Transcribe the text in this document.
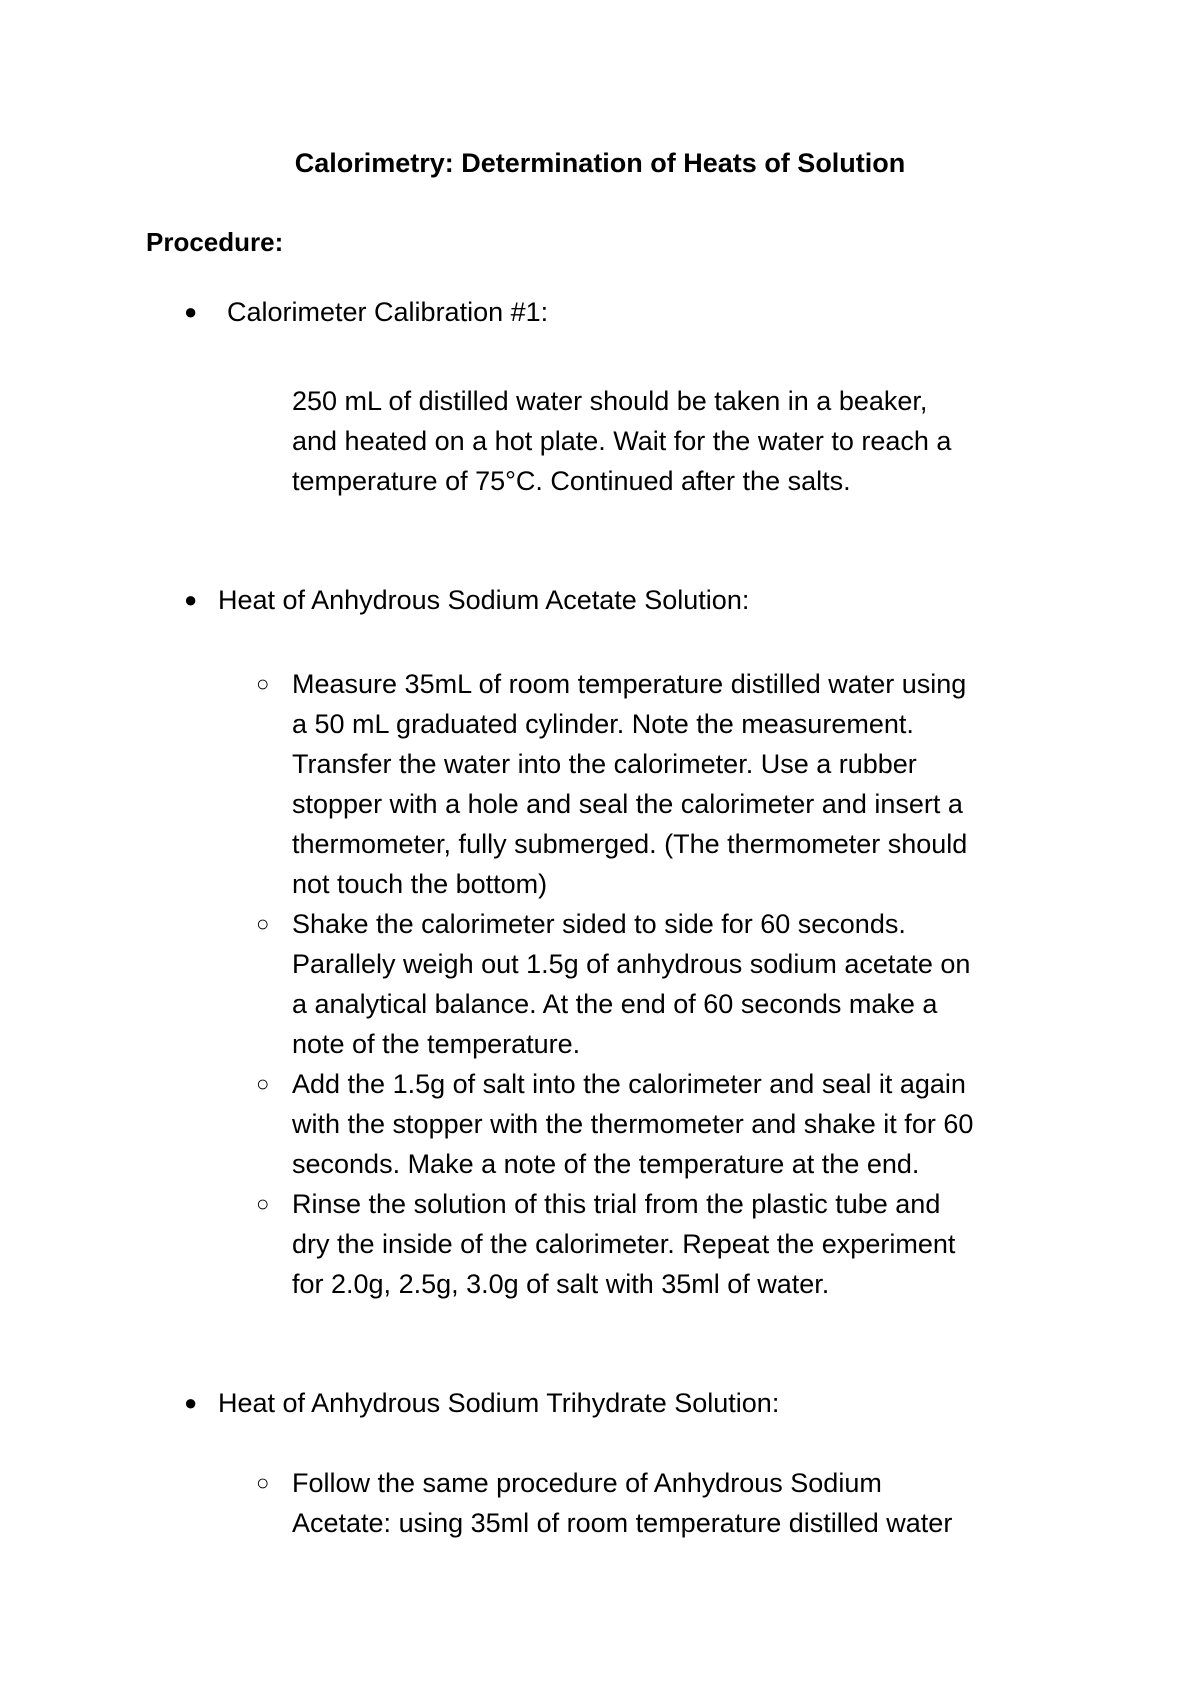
Calorimetry: Determination of Heats of Solution

Procedure:

● Calorimeter Calibration #1:

250 mL of distilled water should be taken in a beaker,
and heated on a hot plate. Wait for the water to reach a
temperature of 75°C. Continued after the salts.

● Heat of Anhydrous Sodium Acetate Solution:
○ Measure 35mL of room temperature distilled water using
a 50 mL graduated cylinder. Note the measurement.
Transfer the water into the calorimeter. Use a rubber
stopper with a hole and seal the calorimeter and insert a
thermometer, fully submerged. (The thermometer should
not touch the bottom)
○ Shake the calorimeter sided to side for 60 seconds.
Parallely weigh out 1.5g of anhydrous sodium acetate on
a analytical balance. At the end of 60 seconds make a
note of the temperature.
○ Add the 1.5g of salt into the calorimeter and seal it again
with the stopper with the thermometer and shake it for 60
seconds. Make a note of the temperature at the end.
○ Rinse the solution of this trial from the plastic tube and
dry the inside of the calorimeter. Repeat the experiment
for 2.0g, 2.5g, 3.0g of salt with 35ml of water.
● Heat of Anhydrous Sodium Trihydrate Solution:
○ Follow the same procedure of Anhydrous Sodium
Acetate: using 35ml of room temperature distilled water
